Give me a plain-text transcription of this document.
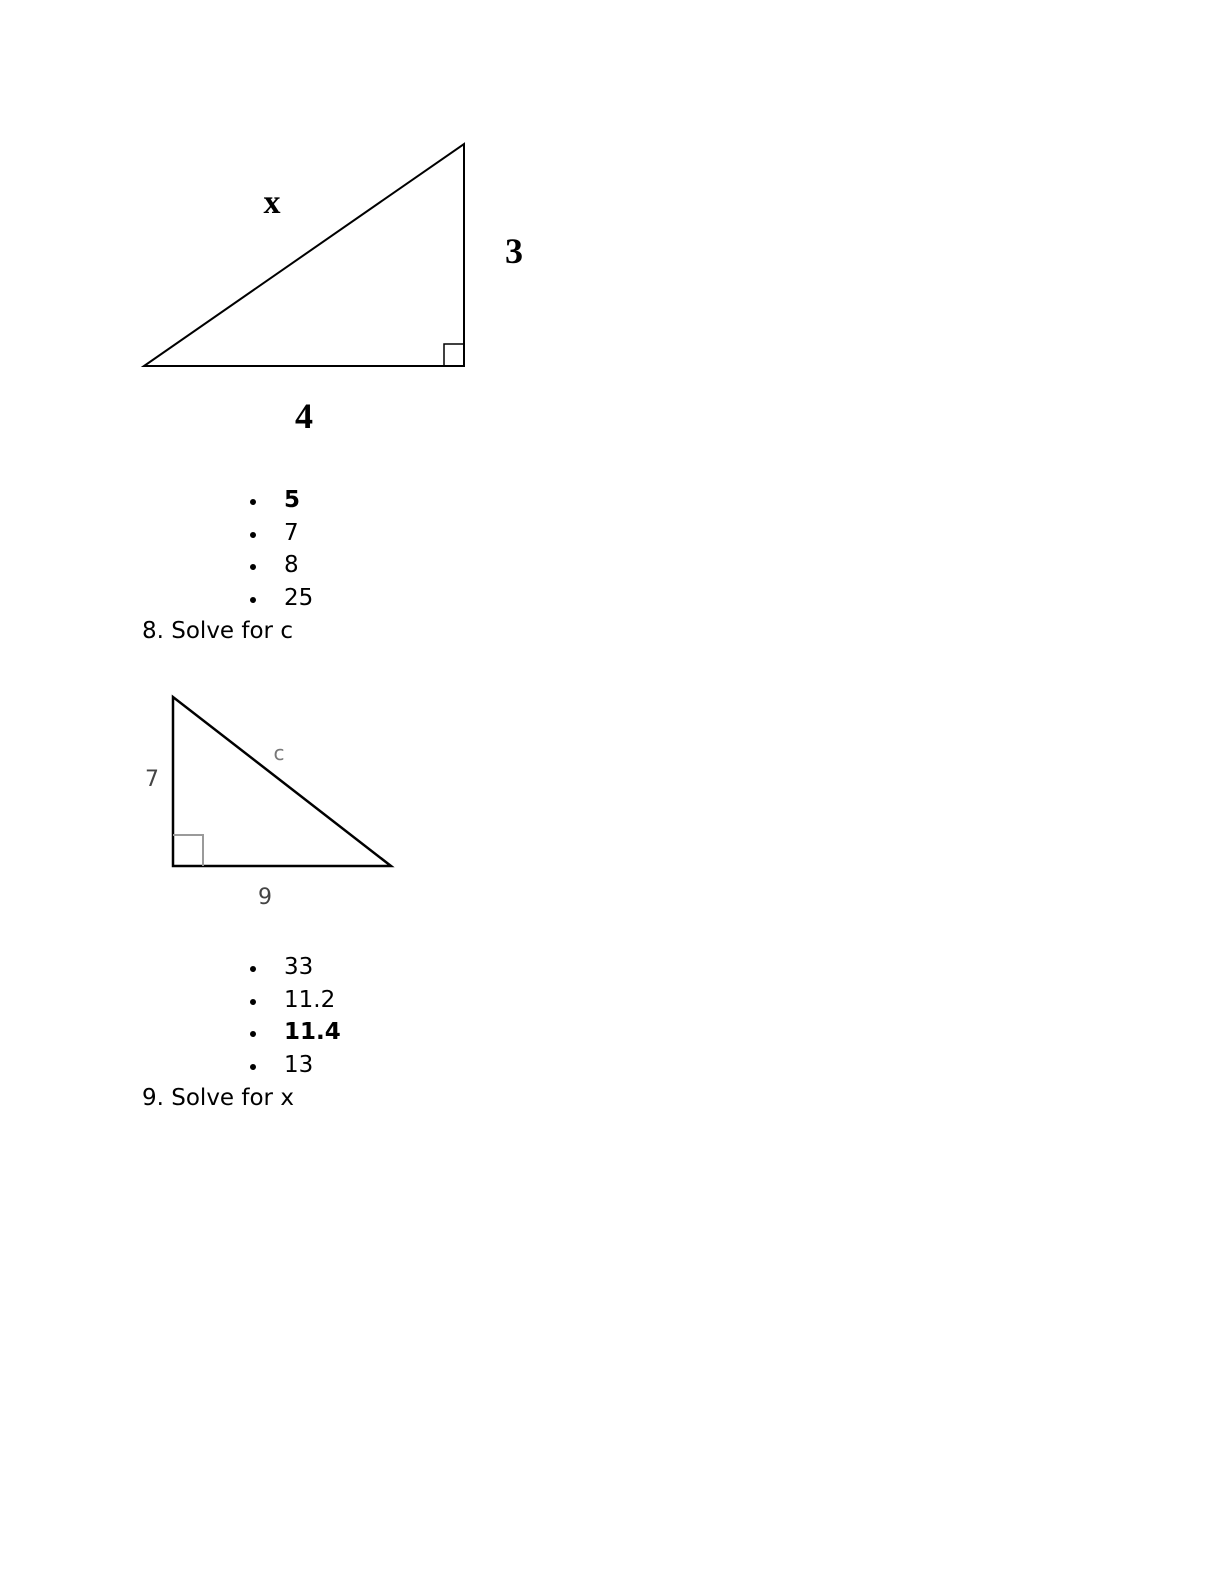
x
3
4
5
7
8
25

8. Solve for c

c
7
9
33
11.2
11.4
13

9. Solve for x
